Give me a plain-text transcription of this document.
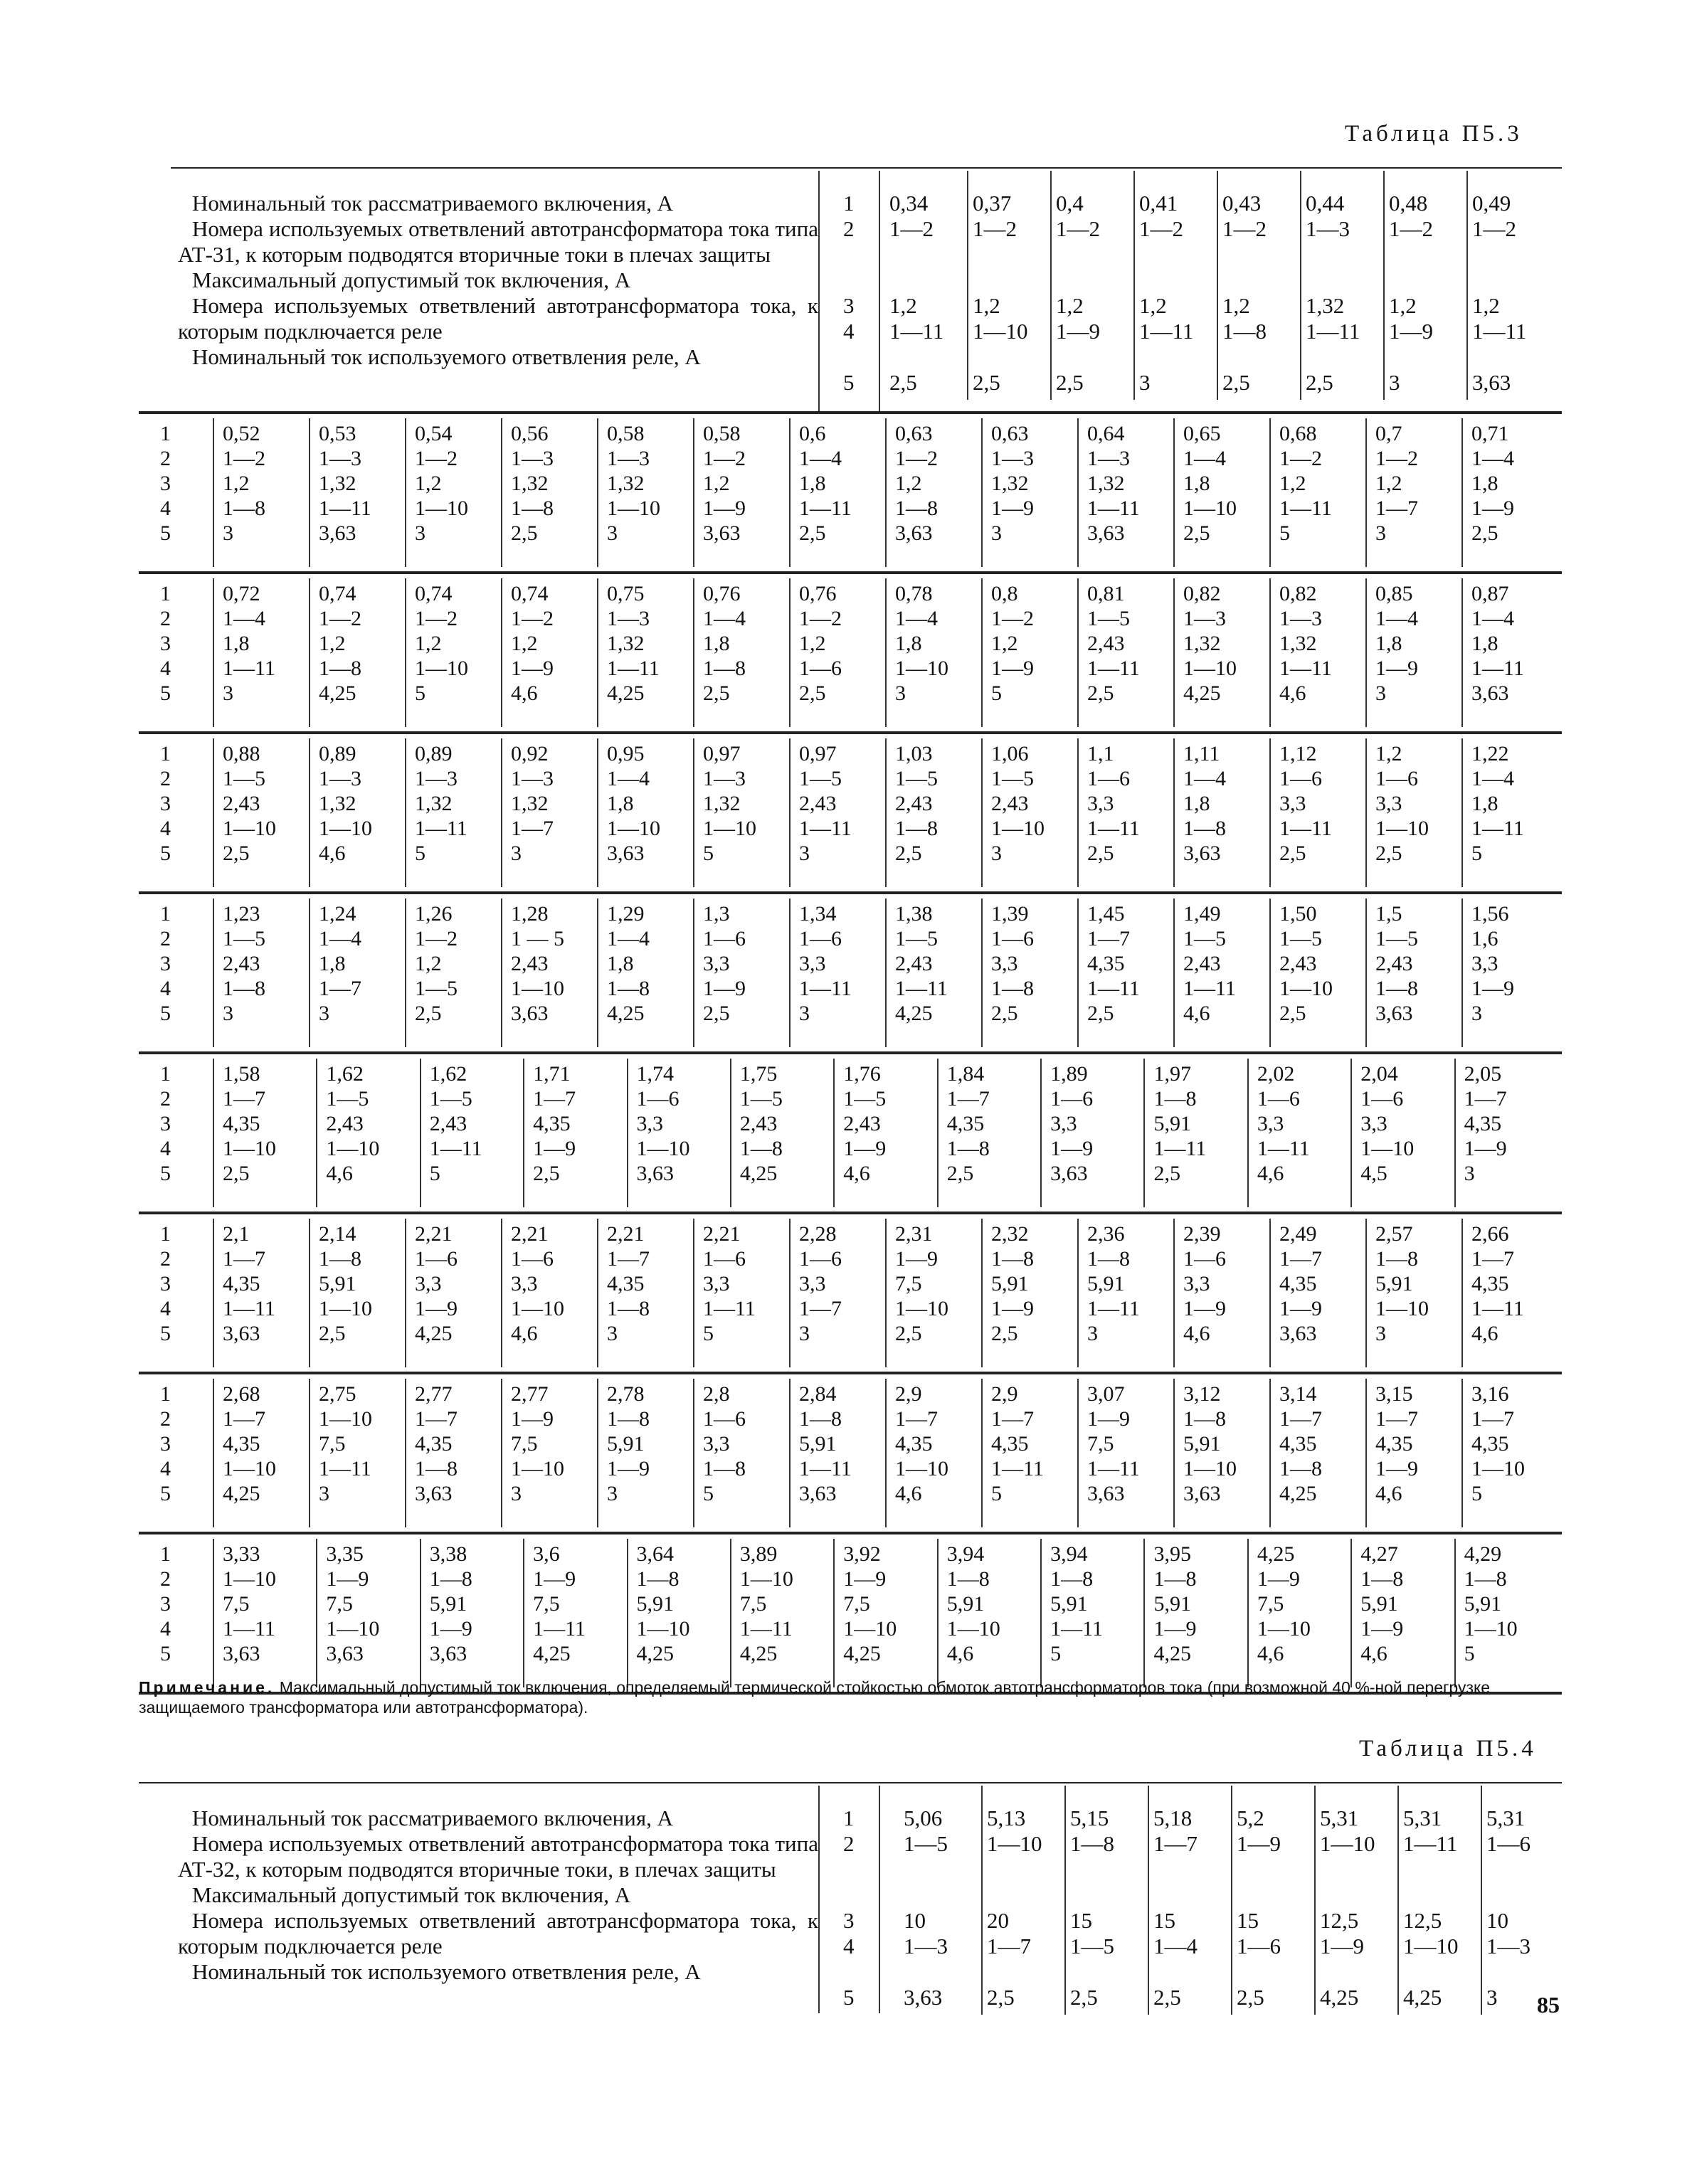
Таблица П5.3
Номинальный ток рассматриваемого включения, А
Номера используемых ответвлений автотрансформатора тока типа АТ-31, к которым подводятся вторичные токи в плечах защиты
Максимальный допустимый ток включения, А
Номера используемых ответвлений автотрансформатора тока, к которым подключается реле
Номинальный ток используемого ответвления реле, А
1
2
3
4
5
0,34
1—2
1,2
1—11
2,5
0,37
1—2
1,2
1—10
2,5
0,4
1—2
1,2
1—9
2,5
0,41
1—2
1,2
1—11
3
0,43
1—2
1,2
1—8
2,5
0,44
1—3
1,32
1—11
2,5
0,48
1—2
1,2
1—9
3
0,49
1—2
1,2
1—11
3,63
1
2
3
4
5
0,52
1—2
1,2
1—8
3
0,53
1—3
1,32
1—11
3,63
0,54
1—2
1,2
1—10
3
0,56
1—3
1,32
1—8
2,5
0,58
1—3
1,32
1—10
3
0,58
1—2
1,2
1—9
3,63
0,6
1—4
1,8
1—11
2,5
0,63
1—2
1,2
1—8
3,63
0,63
1—3
1,32
1—9
3
0,64
1—3
1,32
1—11
3,63
0,65
1—4
1,8
1—10
2,5
0,68
1—2
1,2
1—11
5
0,7
1—2
1,2
1—7
3
0,71
1—4
1,8
1—9
2,5
1
2
3
4
5
0,72
1—4
1,8
1—11
3
0,74
1—2
1,2
1—8
4,25
0,74
1—2
1,2
1—10
5
0,74
1—2
1,2
1—9
4,6
0,75
1—3
1,32
1—11
4,25
0,76
1—4
1,8
1—8
2,5
0,76
1—2
1,2
1—6
2,5
0,78
1—4
1,8
1—10
3
0,8
1—2
1,2
1—9
5
0,81
1—5
2,43
1—11
2,5
0,82
1—3
1,32
1—10
4,25
0,82
1—3
1,32
1—11
4,6
0,85
1—4
1,8
1—9
3
0,87
1—4
1,8
1—11
3,63
1
2
3
4
5
0,88
1—5
2,43
1—10
2,5
0,89
1—3
1,32
1—10
4,6
0,89
1—3
1,32
1—11
5
0,92
1—3
1,32
1—7
3
0,95
1—4
1,8
1—10
3,63
0,97
1—3
1,32
1—10
5
0,97
1—5
2,43
1—11
3
1,03
1—5
2,43
1—8
2,5
1,06
1—5
2,43
1—10
3
1,1
1—6
3,3
1—11
2,5
1,11
1—4
1,8
1—8
3,63
1,12
1—6
3,3
1—11
2,5
1,2
1—6
3,3
1—10
2,5
1,22
1—4
1,8
1—11
5
1
2
3
4
5
1,23
1—5
2,43
1—8
3
1,24
1—4
1,8
1—7
3
1,26
1—2
1,2
1—5
2,5
1,28
1 — 5
2,43
1—10
3,63
1,29
1—4
1,8
1—8
4,25
1,3
1—6
3,3
1—9
2,5
1,34
1—6
3,3
1—11
3
1,38
1—5
2,43
1—11
4,25
1,39
1—6
3,3
1—8
2,5
1,45
1—7
4,35
1—11
2,5
1,49
1—5
2,43
1—11
4,6
1,50
1—5
2,43
1—10
2,5
1,5
1—5
2,43
1—8
3,63
1,56
1,6
3,3
1—9
3
1
2
3
4
5
1,58
1—7
4,35
1—10
2,5
1,62
1—5
2,43
1—10
4,6
1,62
1—5
2,43
1—11
5
1,71
1—7
4,35
1—9
2,5
1,74
1—6
3,3
1—10
3,63
1,75
1—5
2,43
1—8
4,25
1,76
1—5
2,43
1—9
4,6
1,84
1—7
4,35
1—8
2,5
1,89
1—6
3,3
1—9
3,63
1,97
1—8
5,91
1—11
2,5
2,02
1—6
3,3
1—11
4,6
2,04
1—6
3,3
1—10
4,5
2,05
1—7
4,35
1—9
3
1
2
3
4
5
2,1
1—7
4,35
1—11
3,63
2,14
1—8
5,91
1—10
2,5
2,21
1—6
3,3
1—9
4,25
2,21
1—6
3,3
1—10
4,6
2,21
1—7
4,35
1—8
3
2,21
1—6
3,3
1—11
5
2,28
1—6
3,3
1—7
3
2,31
1—9
7,5
1—10
2,5
2,32
1—8
5,91
1—9
2,5
2,36
1—8
5,91
1—11
3
2,39
1—6
3,3
1—9
4,6
2,49
1—7
4,35
1—9
3,63
2,57
1—8
5,91
1—10
3
2,66
1—7
4,35
1—11
4,6
1
2
3
4
5
2,68
1—7
4,35
1—10
4,25
2,75
1—10
7,5
1—11
3
2,77
1—7
4,35
1—8
3,63
2,77
1—9
7,5
1—10
3
2,78
1—8
5,91
1—9
3
2,8
1—6
3,3
1—8
5
2,84
1—8
5,91
1—11
3,63
2,9
1—7
4,35
1—10
4,6
2,9
1—7
4,35
1—11
5
3,07
1—9
7,5
1—11
3,63
3,12
1—8
5,91
1—10
3,63
3,14
1—7
4,35
1—8
4,25
3,15
1—7
4,35
1—9
4,6
3,16
1—7
4,35
1—10
5
1
2
3
4
5
3,33
1—10
7,5
1—11
3,63
3,35
1—9
7,5
1—10
3,63
3,38
1—8
5,91
1—9
3,63
3,6
1—9
7,5
1—11
4,25
3,64
1—8
5,91
1—10
4,25
3,89
1—10
7,5
1—11
4,25
3,92
1—9
7,5
1—10
4,25
3,94
1—8
5,91
1—10
4,6
3,94
1—8
5,91
1—11
5
3,95
1—8
5,91
1—9
4,25
4,25
1—9
7,5
1—10
4,6
4,27
1—8
5,91
1—9
4,6
4,29
1—8
5,91
1—10
5
Примечание. Максимальный допустимый ток включения, определяемый термической стойкостью обмоток автотрансформаторов тока (при возможной 40 %-ной перегрузке защищаемого трансформатора или автотрансформатора).
Таблица П5.4
Номинальный ток рассматриваемого включения, А
Номера используемых ответвлений автотрансформатора тока типа АТ-32, к которым подводятся вторичные токи, в плечах защиты
Максимальный допустимый ток включения, А
Номера используемых ответвлений автотрансформатора тока, к которым подключается реле
Номинальный ток используемого ответвления реле, А
1
2
3
4
5
5,06
1—5
10
1—3
3,63
5,13
1—10
20
1—7
2,5
5,15
1—8
15
1—5
2,5
5,18
1—7
15
1—4
2,5
5,2
1—9
15
1—6
2,5
5,31
1—10
12,5
1—9
4,25
5,31
1—11
12,5
1—10
4,25
5,31
1—6
10
1—3
3 85
